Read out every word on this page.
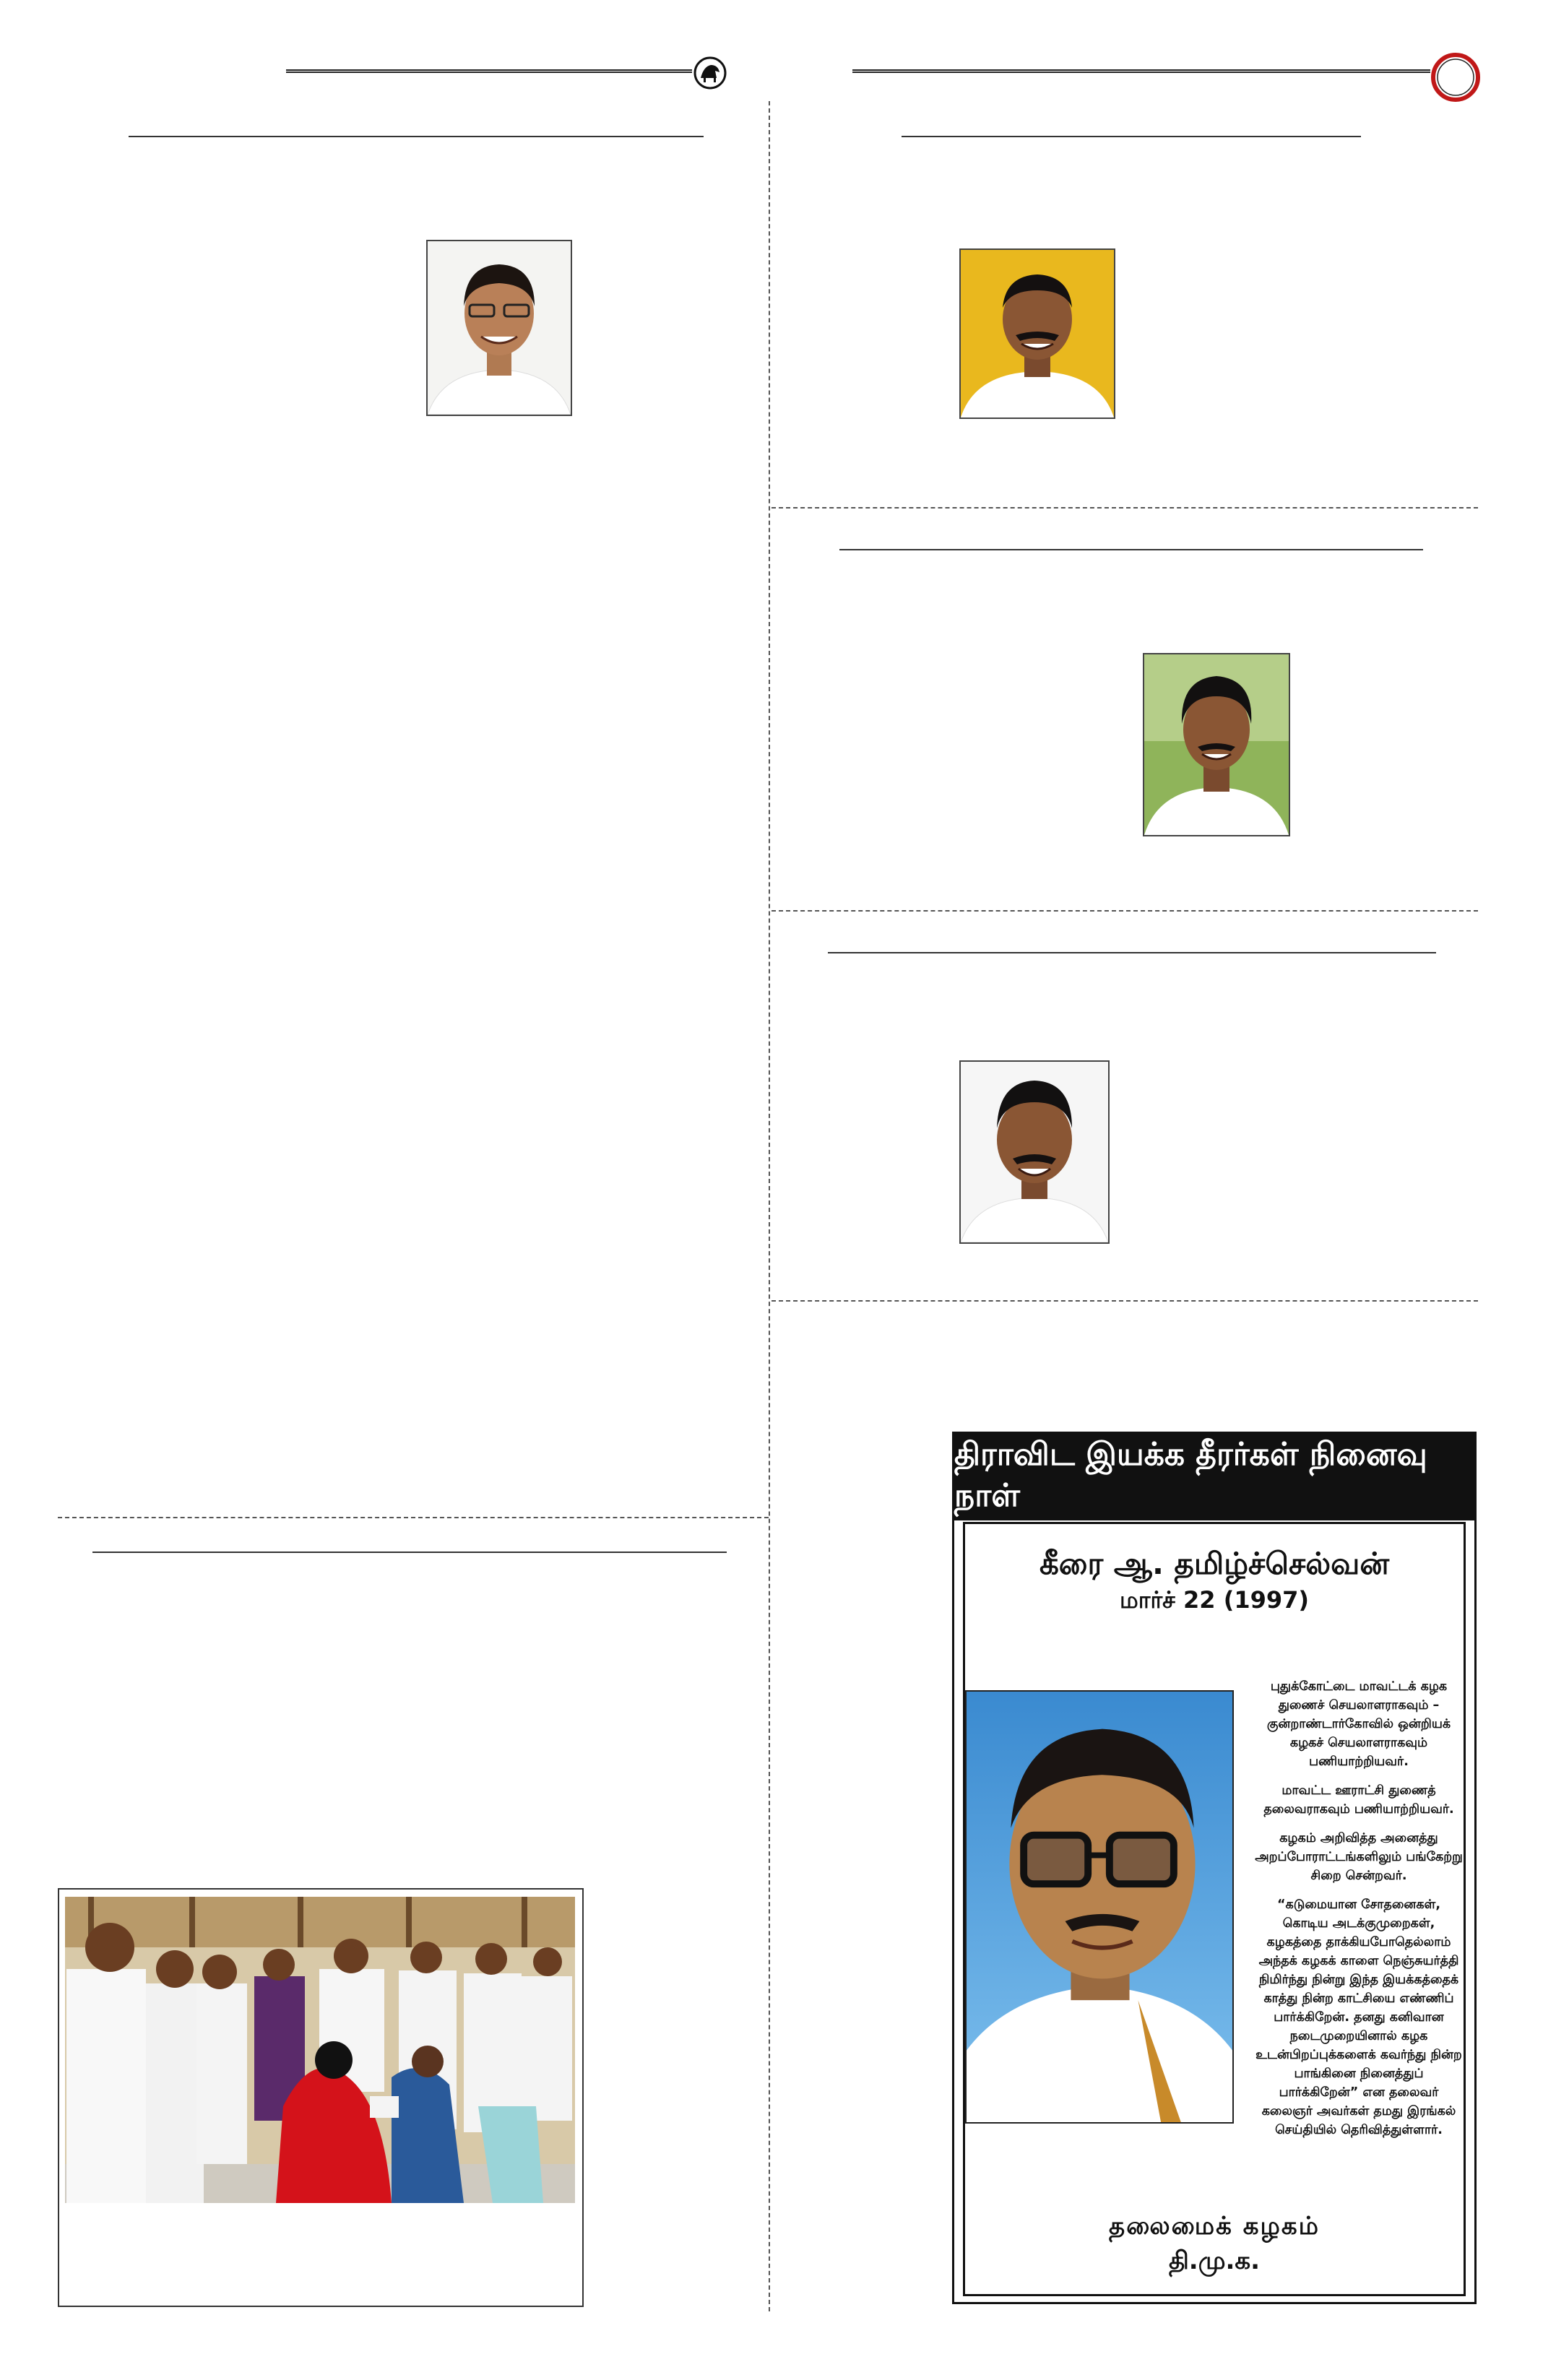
திராவிட இயக்க தீரர்கள் நினைவு நாள்
கீரை ஆ. தமிழ்ச்செல்வன்
மார்ச் 22 (1997)

புதுக்கோட்டை மாவட்டக் கழக துணைச் செயலாளராகவும் – குன்றாண்டார்கோவில் ஒன்றியக் கழகச் செயலாளராகவும் பணியாற்றியவர்.

மாவட்ட ஊராட்சி துணைத் தலைவராகவும் பணியாற்றியவர்.

கழகம் அறிவித்த அனைத்து அறப்போராட்டங்களிலும் பங்கேற்று சிறை சென்றவர்.

“கடுமையான சோதனைகள், கொடிய அடக்குமுறைகள், கழகத்தை தாக்கியபோதெல்லாம் அந்தக் கழகக் காளை நெஞ்சுயர்த்தி நிமிர்ந்து நின்று இந்த இயக்கத்தைக் காத்து நின்ற காட்சியை எண்ணிப் பார்க்கிறேன். தனது கனிவான நடைமுறையினால் கழக உடன்பிறப்புக்களைக் கவர்ந்து நின்ற பாங்கினை நினைத்துப் பார்க்கிறேன்” என தலைவர் கலைஞர் அவர்கள் தமது இரங்கல் செய்தியில் தெரிவித்துள்ளார்.

தலைமைக் கழகம்
தி.மு.க.
